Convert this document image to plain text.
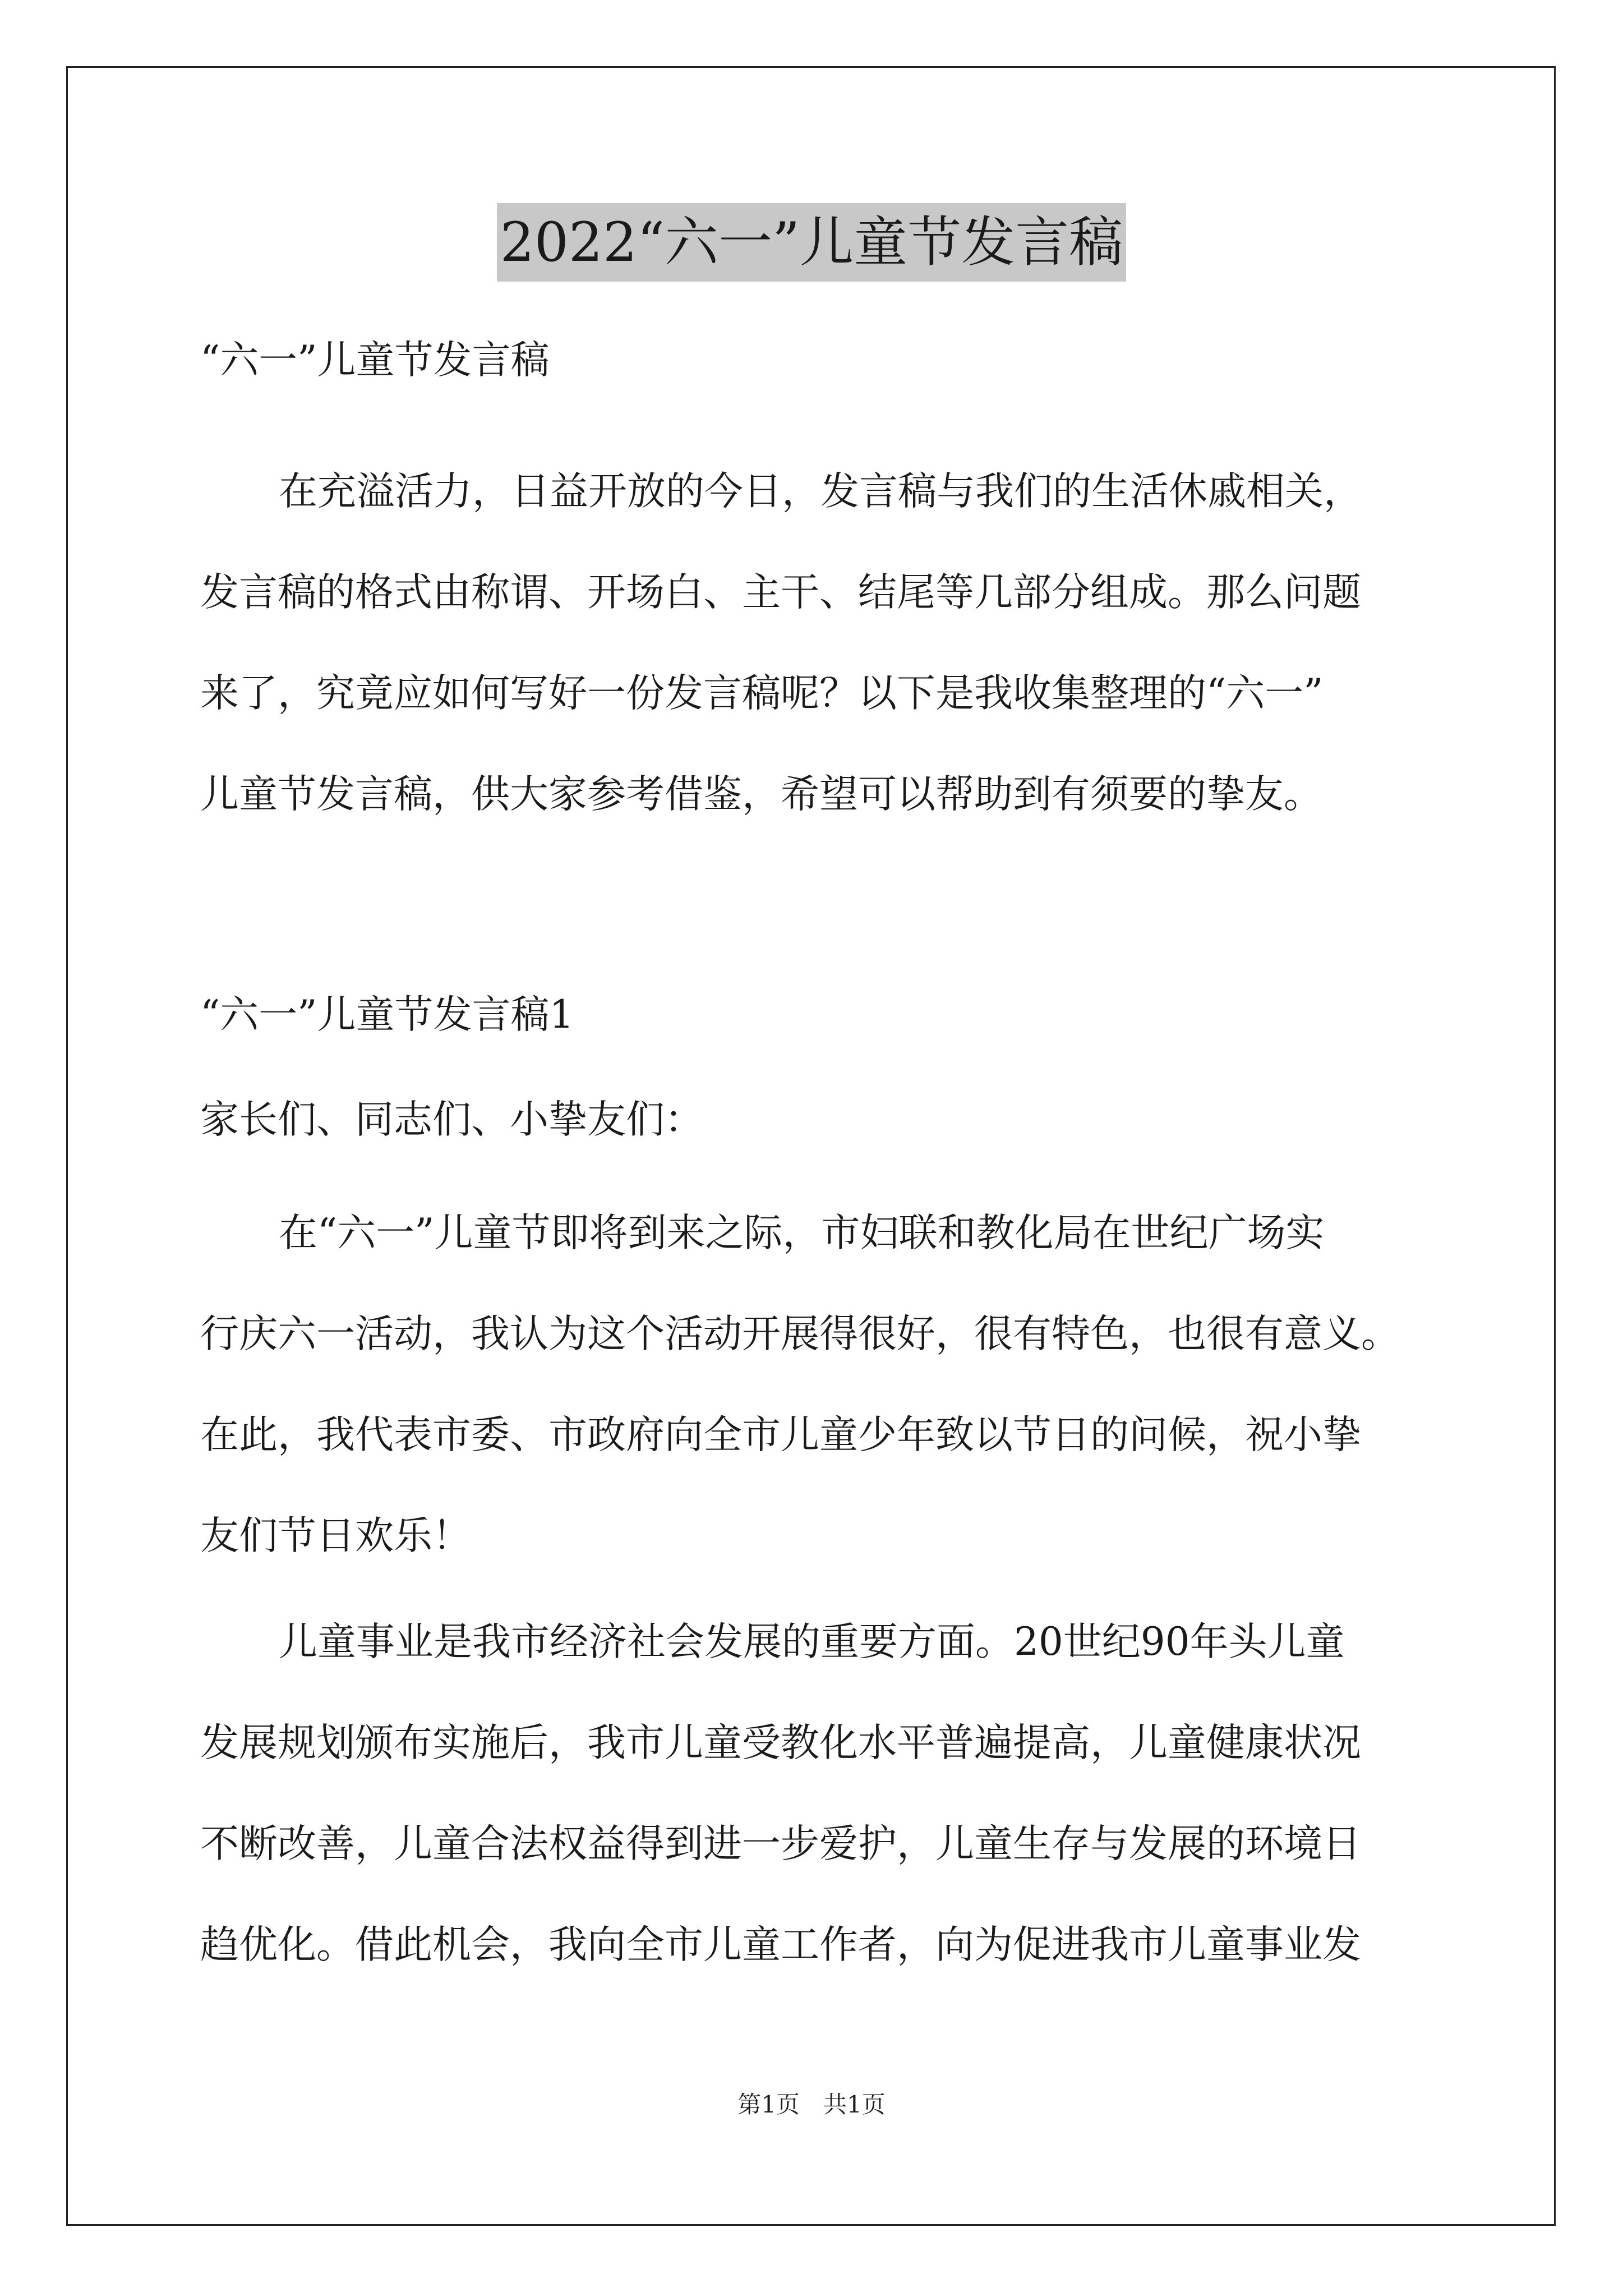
2022“六一”儿童节发言稿
“六一”儿童节发言稿
在充溢活力，日益开放的今日，发言稿与我们的生活休戚相关，
发言稿的格式由称谓、开场白、主干、结尾等几部分组成。那么问题
来了，究竟应如何写好一份发言稿呢？以下是我收集整理的“六一”
儿童节发言稿，供大家参考借鉴，希望可以帮助到有须要的挚友。
“六一”儿童节发言稿1
家长们、同志们、小挚友们：
在“六一”儿童节即将到来之际，市妇联和教化局在世纪广场实
行庆六一活动，我认为这个活动开展得很好，很有特色，也很有意义。
在此，我代表市委、市政府向全市儿童少年致以节日的问候，祝小挚
友们节日欢乐！
儿童事业是我市经济社会发展的重要方面。20世纪90年头儿童
发展规划颁布实施后，我市儿童受教化水平普遍提高，儿童健康状况
不断改善，儿童合法权益得到进一步爱护，儿童生存与发展的环境日
趋优化。借此机会，我向全市儿童工作者，向为促进我市儿童事业发
第1页　共1页
